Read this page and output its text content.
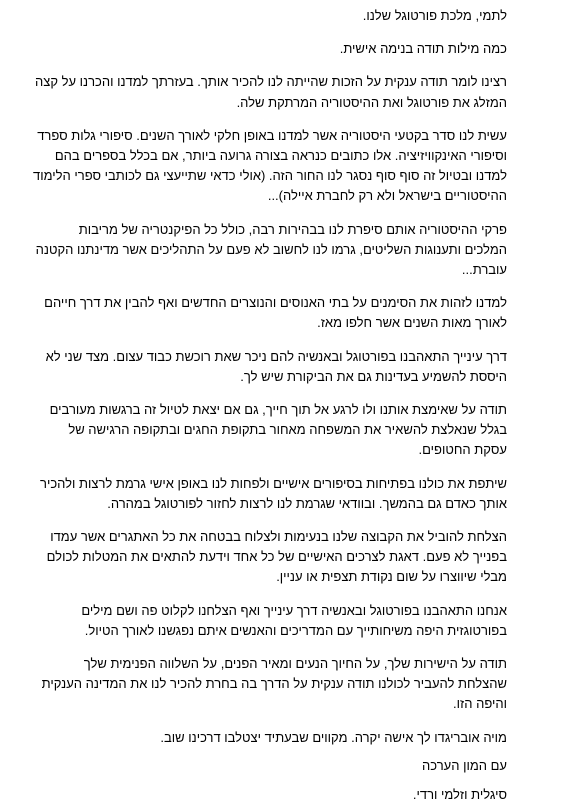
לתמי, מלכת פורטוגל שלנו.

כמה מילות תודה בנימה אישית.

רצינו לומר תודה ענקית על הזכות שהייתה לנו להכיר אותך. בעזרתך למדנו והכרנו על קצה המזלג את פורטוגל ואת ההיסטוריה המרתקת שלה.

עשית לנו סדר בקטעי היסטוריה אשר למדנו באופן חלקי לאורך השנים. סיפורי גלות ספרד וסיפורי האינקוויזיציה. אלו כתובים כנראה בצורה גרועה ביותר, אם בכלל בספרים בהם למדנו ובטיול זה סוף סוף נסגר לנו החור הזה. (אולי כדאי שתייעצי גם לכותבי ספרי הלימוד ההיסטוריים בישראל ולא רק לחברת איילה)...

פרקי ההיסטוריה אותם סיפרת לנו בבהירות רבה, כולל כל הפיקנטריה של מריבות המלכים ותענוגות השליטים, גרמו לנו לחשוב לא פעם על התהליכים אשר מדינתנו הקטנה עוברת...

למדנו לזהות את הסימנים על בתי האנוסים והנוצרים החדשים ואף להבין את דרך חייהם לאורך מאות השנים אשר חלפו מאז.

דרך עינייך התאהבנו בפורטוגל ובאנשיה להם ניכר שאת רוכשת כבוד עצום. מצד שני לא היססת להשמיע בעדינות גם את הביקורת שיש לך.

תודה על שאימצת אותנו ולו לרגע אל תוך חייך, גם אם יצאת לטיול זה ברגשות מעורבים בגלל שנאלצת להשאיר את המשפחה מאחור בתקופת החגים ובתקופה הרגישה של עסקת החטופים.

שיתפת את כולנו בפתיחות בסיפורים אישיים ולפחות לנו באופן אישי גרמת לרצות ולהכיר אותך כאדם גם בהמשך. ובוודאי שגרמת לנו לרצות לחזור לפורטוגל במהרה.

הצלחת להוביל את הקבוצה שלנו בנעימות ולצלוח בבטחה את כל האתגרים אשר עמדו בפנייך לא פעם. דאגת לצרכים האישיים של כל אחד וידעת להתאים את המטלות לכולם מבלי שיווצרו על שום נקודת תצפית או עניין.

אנחנו התאהבנו בפורטוגל ובאנשיה דרך עינייך ואף הצלחנו לקלוט פה ושם מילים בפורטוגזית היפה משיחותייך עם המדריכים והאנשים איתם נפגשנו לאורך הטיול.

תודה על הישירות שלך, על החיוך הנעים ומאיר הפנים, על השלווה הפנימית שלך שהצלחת להעביר לכולנו תודה ענקית על הדרך בה בחרת להכיר לנו את המדינה הענקית והיפה הזו.

מויה אובריגדו לך אישה יקרה. מקווים שבעתיד יצטלבו דרכינו שוב.

עם המון הערכה

סיגלית וזלמי ורדי.
